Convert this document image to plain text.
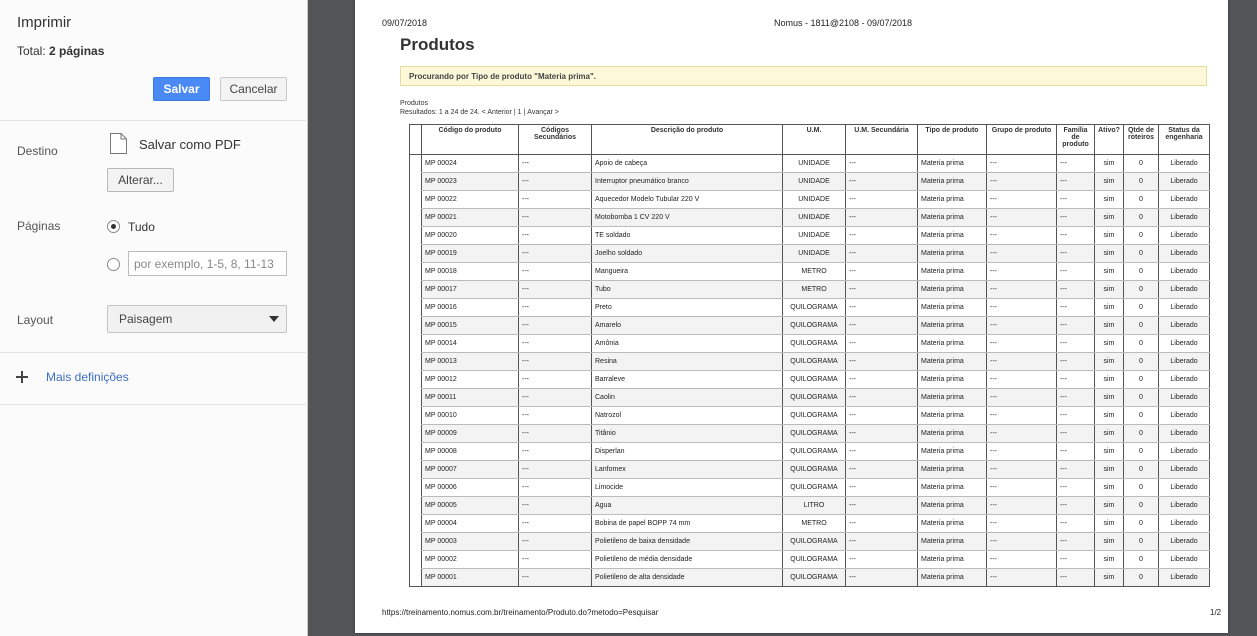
Imprimir
Total: 2 páginas
Salvar	Cancelar
Destino	Salvar como PDF
Alterar...
Páginas	Tudo
por exemplo, 1-5, 8, 11-13
Layout	Paisagem
Mais definições
09/07/2018	Nomus - 1811@2108 - 09/07/2018
Produtos
Procurando por Tipo de produto "Materia prima".
Produtos
Resultados: 1 a 24 de 24. < Anterior | 1 | Avançar >
	Código do produto	Códigos Secundários	Descrição do produto	U.M.	U.M. Secundária	Tipo de produto	Grupo de produto	Família de produto	Ativo?	Qtde de roteiros	Status da engenharia
	MP 00024	---	Apoio de cabeça	UNIDADE	---	Materia prima	---	---	sim	0	Liberado
	MP 00023	---	Interruptor pneumático branco	UNIDADE	---	Materia prima	---	---	sim	0	Liberado
	MP 00022	---	Aquecedor Modelo Tubular 220 V	UNIDADE	---	Materia prima	---	---	sim	0	Liberado
	MP 00021	---	Motobomba 1 CV 220 V	UNIDADE	---	Materia prima	---	---	sim	0	Liberado
	MP 00020	---	TE soldado	UNIDADE	---	Materia prima	---	---	sim	0	Liberado
	MP 00019	---	Joelho soldado	UNIDADE	---	Materia prima	---	---	sim	0	Liberado
	MP 00018	---	Mangueira	METRO	---	Materia prima	---	---	sim	0	Liberado
	MP 00017	---	Tubo	METRO	---	Materia prima	---	---	sim	0	Liberado
	MP 00016	---	Preto	QUILOGRAMA	---	Materia prima	---	---	sim	0	Liberado
	MP 00015	---	Amarelo	QUILOGRAMA	---	Materia prima	---	---	sim	0	Liberado
	MP 00014	---	Amônia	QUILOGRAMA	---	Materia prima	---	---	sim	0	Liberado
	MP 00013	---	Resina	QUILOGRAMA	---	Materia prima	---	---	sim	0	Liberado
	MP 00012	---	Barraleve	QUILOGRAMA	---	Materia prima	---	---	sim	0	Liberado
	MP 00011	---	Caolin	QUILOGRAMA	---	Materia prima	---	---	sim	0	Liberado
	MP 00010	---	Natrozol	QUILOGRAMA	---	Materia prima	---	---	sim	0	Liberado
	MP 00009	---	Titânio	QUILOGRAMA	---	Materia prima	---	---	sim	0	Liberado
	MP 00008	---	Disperlan	QUILOGRAMA	---	Materia prima	---	---	sim	0	Liberado
	MP 00007	---	Lanfomex	QUILOGRAMA	---	Materia prima	---	---	sim	0	Liberado
	MP 00006	---	Limocide	QUILOGRAMA	---	Materia prima	---	---	sim	0	Liberado
	MP 00005	---	Agua	LITRO	---	Materia prima	---	---	sim	0	Liberado
	MP 00004	---	Bobina de papel BOPP 74 mm	METRO	---	Materia prima	---	---	sim	0	Liberado
	MP 00003	---	Polietileno de baixa densidade	QUILOGRAMA	---	Materia prima	---	---	sim	0	Liberado
	MP 00002	---	Polietileno de média densidade	QUILOGRAMA	---	Materia prima	---	---	sim	0	Liberado
	MP 00001	---	Polietileno de alta densidade	QUILOGRAMA	---	Materia prima	---	---	sim	0	Liberado
https://treinamento.nomus.com.br/treinamento/Produto.do?metodo=Pesquisar	1/2
